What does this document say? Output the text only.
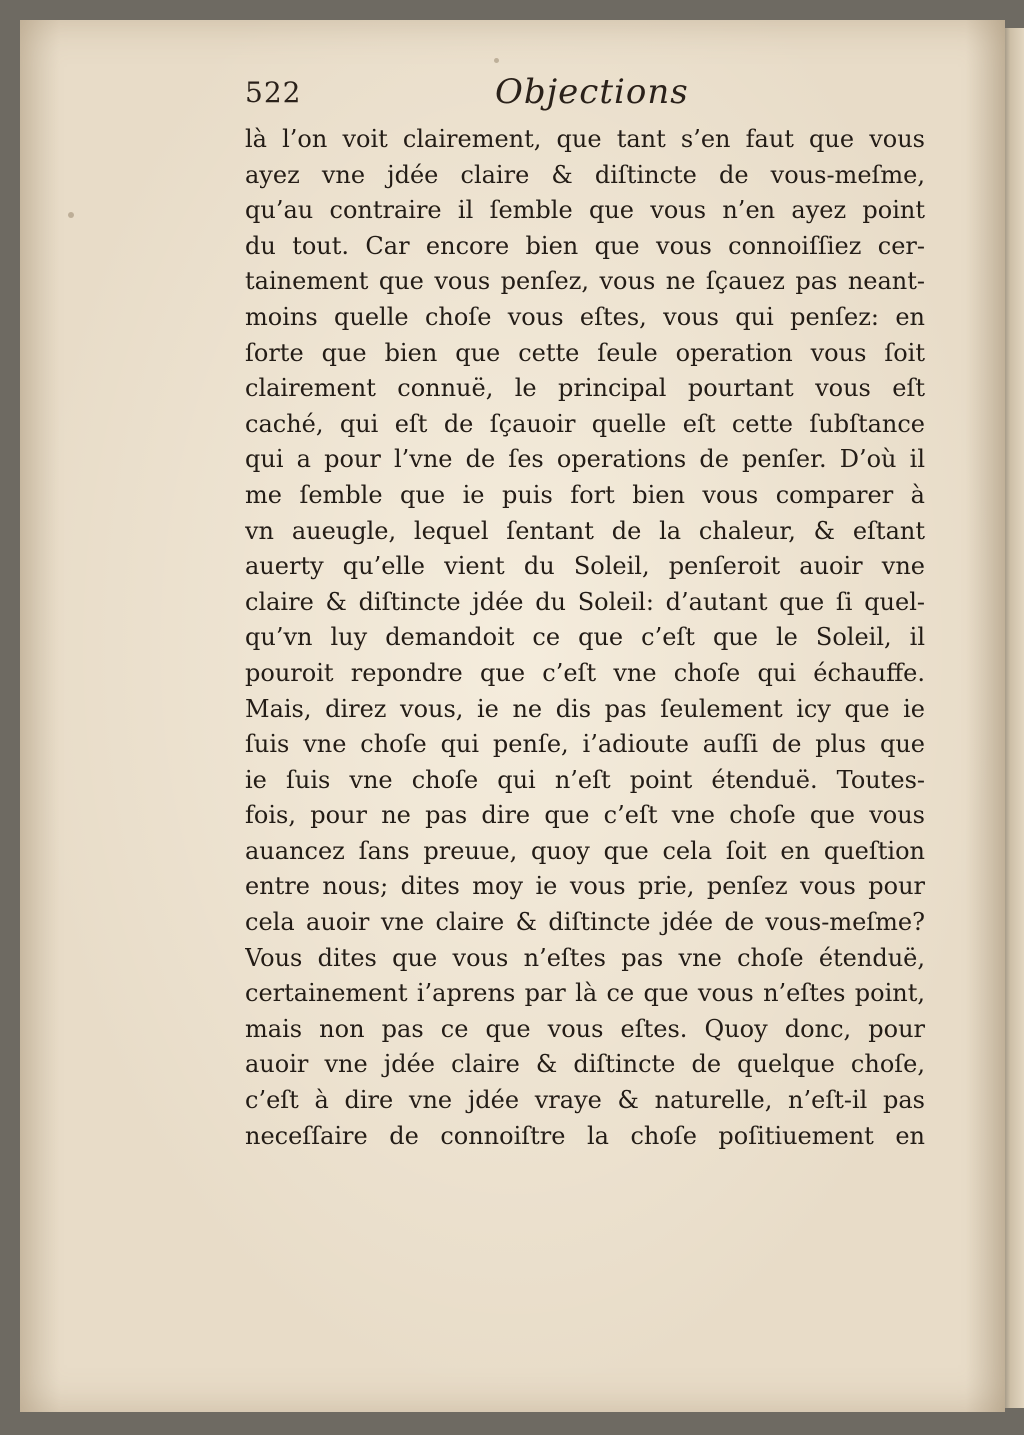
522	Objections
là l’on voit clairement, que tant s’en faut que vous
ayez vne jdée claire & diſtincte de vous-meſme,
qu’au contraire il ſemble que vous n’en ayez point
du tout. Car encore bien que vous connoiſſiez cer-
tainement que vous penſez, vous ne ſçauez pas neant-
moins quelle choſe vous eſtes, vous qui penſez: en
ſorte que bien que cette ſeule operation vous ſoit
clairement connuë, le principal pourtant vous eſt
caché, qui eſt de ſçauoir quelle eſt cette ſubſtance
qui a pour l’vne de ſes operations de penſer. D’où il
me ſemble que ie puis fort bien vous comparer à
vn aueugle, lequel ſentant de la chaleur, & eſtant
auerty qu’elle vient du Soleil, penſeroit auoir vne
claire & diſtincte jdée du Soleil: d’autant que ſi quel-
qu’vn luy demandoit ce que c’eſt que le Soleil, il
pouroit repondre que c’eſt vne choſe qui échauffe.
Mais, direz vous, ie ne dis pas ſeulement icy que ie
ſuis vne choſe qui penſe, i’adioute auſſi de plus que
ie ſuis vne choſe qui n’eſt point étenduë. Toutes-
fois, pour ne pas dire que c’eſt vne choſe que vous
auancez ſans preuue, quoy que cela ſoit en queſtion
entre nous; dites moy ie vous prie, penſez vous pour
cela auoir vne claire & diſtincte jdée de vous-meſme?
Vous dites que vous n’eſtes pas vne choſe étenduë,
certainement i’aprens par là ce que vous n’eſtes point,
mais non pas ce que vous eſtes. Quoy donc, pour
auoir vne jdée claire & diſtincte de quelque choſe,
c’eſt à dire vne jdée vraye & naturelle, n’eſt-il pas
neceſſaire de connoiſtre la choſe poſitiuement en
